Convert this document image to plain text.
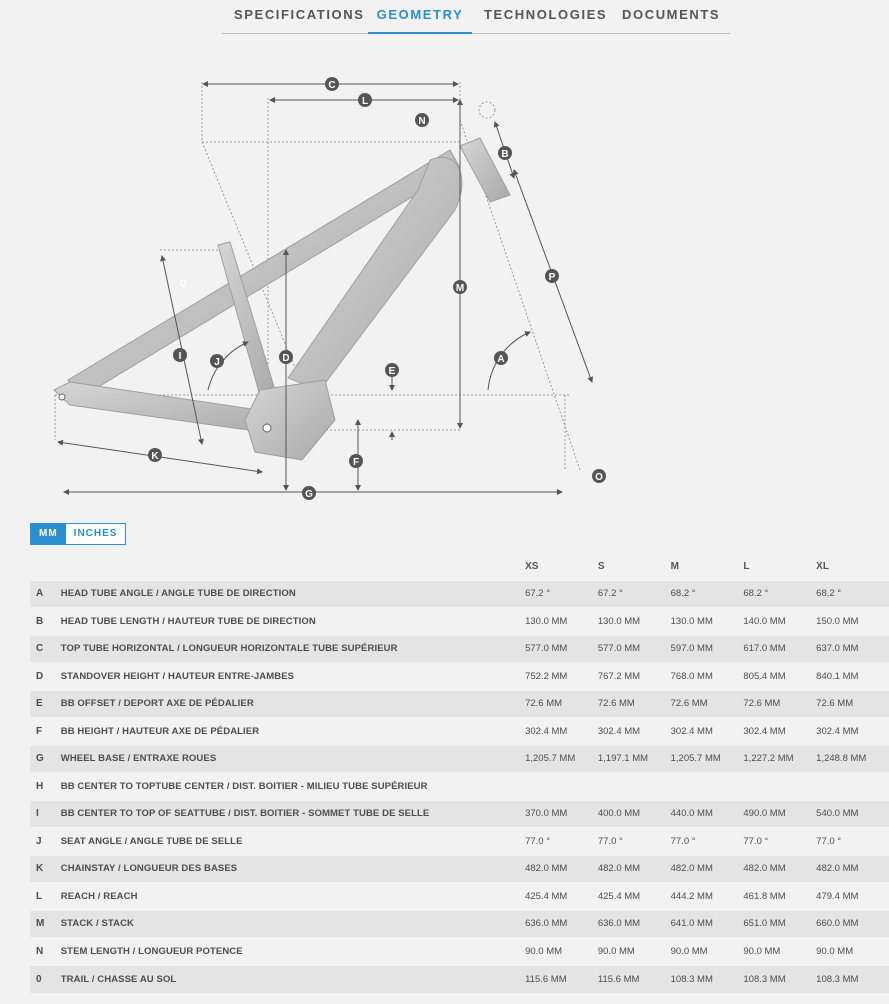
SPECIFICATIONS GEOMETRY	TECHNOLOGIES DOCUMENTS
C
L
N
B
P
M
A
D
E
I
J
F
K
G
O
Q
MM	INCHES
		XS	S	M	L	XL
A	HEAD TUBE ANGLE / ANGLE TUBE DE DIRECTION	67.2 °	67.2 °	68.2 °	68.2 °	68.2 °
B	HEAD TUBE LENGTH / HAUTEUR TUBE DE DIRECTION	130.0 MM	130.0 MM	130.0 MM	140.0 MM	150.0 MM
C	TOP TUBE HORIZONTAL / LONGUEUR HORIZONTALE TUBE SUPÉRIEUR	577.0 MM	577.0 MM	597.0 MM	617.0 MM	637.0 MM
D	STANDOVER HEIGHT / HAUTEUR ENTRE-JAMBES	752.2 MM	767.2 MM	768.0 MM	805.4 MM	840.1 MM
E	BB OFFSET / DEPORT AXE DE PÉDALIER	72.6 MM	72.6 MM	72.6 MM	72.6 MM	72.6 MM
F	BB HEIGHT / HAUTEUR AXE DE PÉDALIER	302.4 MM	302.4 MM	302.4 MM	302.4 MM	302.4 MM
G	WHEEL BASE / ENTRAXE ROUES	1,205.7 MM	1,197.1 MM	1,205.7 MM	1,227.2 MM	1,248.8 MM
H	BB CENTER TO TOPTUBE CENTER / DIST. BOITIER - MILIEU TUBE SUPÉRIEUR					
I	BB CENTER TO TOP OF SEATTUBE / DIST. BOITIER - SOMMET TUBE DE SELLE	370.0 MM	400.0 MM	440.0 MM	490.0 MM	540.0 MM
J	SEAT ANGLE / ANGLE TUBE DE SELLE	77.0 °	77.0 °	77.0 °	77.0 °	77.0 °
K	CHAINSTAY / LONGUEUR DES BASES	482.0 MM	482.0 MM	482.0 MM	482.0 MM	482.0 MM
L	REACH / REACH	425.4 MM	425.4 MM	444.2 MM	461.8 MM	479.4 MM
M	STACK / STACK	636.0 MM	636.0 MM	641.0 MM	651.0 MM	660.0 MM
N	STEM LENGTH / LONGUEUR POTENCE	90.0 MM	90.0 MM	90.0 MM	90.0 MM	90.0 MM
0	TRAIL / CHASSE AU SOL	115.6 MM	115.6 MM	108.3 MM	108.3 MM	108.3 MM
